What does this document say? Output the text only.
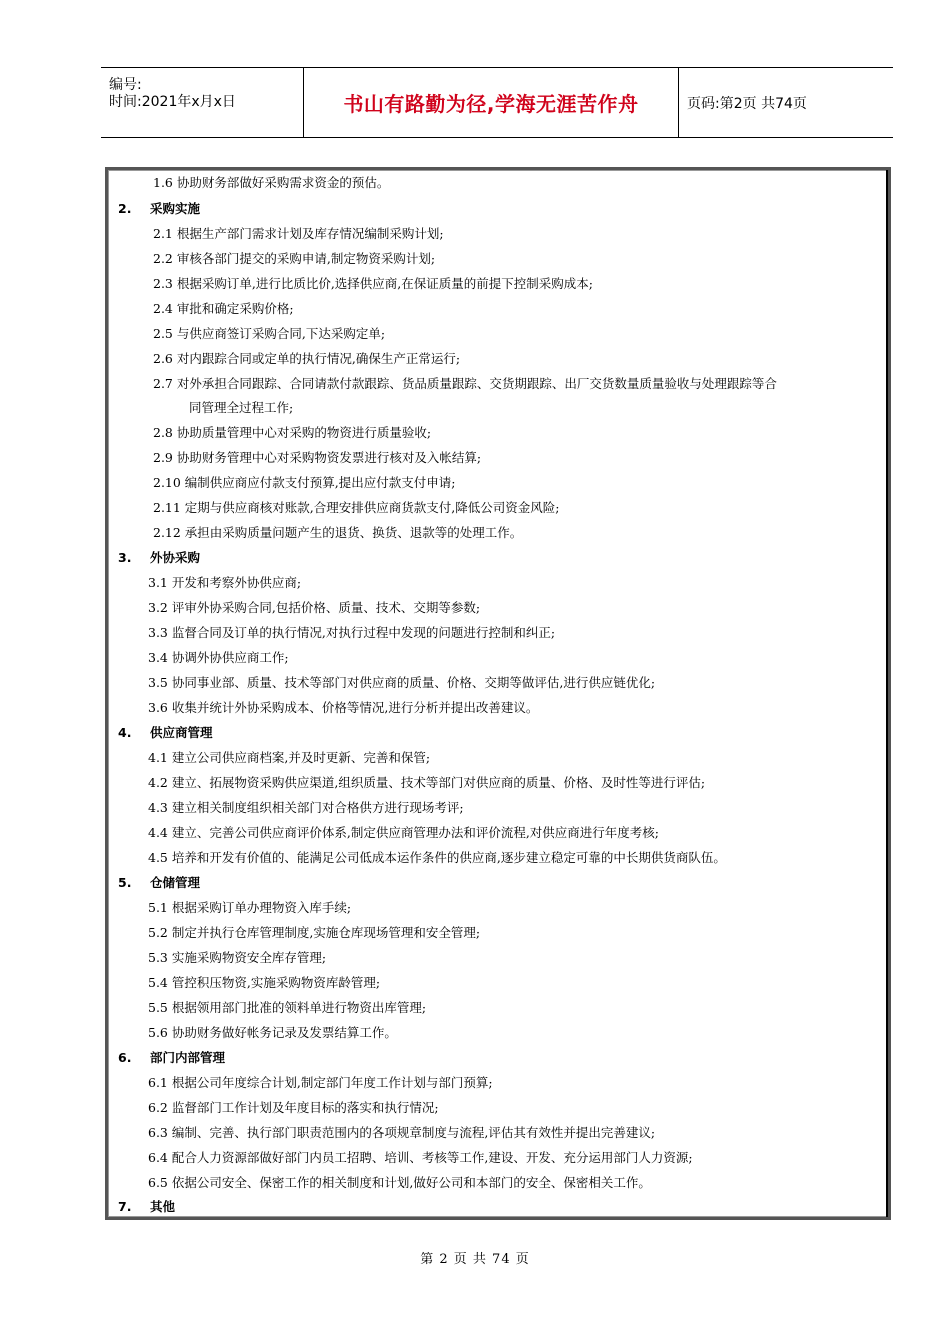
编号:
时间:2021年x月x日	书山有路勤为径,学海无涯苦作舟	页码:第2页 共74页
1.6 协助财务部做好采购需求资金的预估。
2. 采购实施
2.1 根据生产部门需求计划及库存情况编制采购计划;
2.2 审核各部门提交的采购申请,制定物资采购计划;
2.3 根据采购订单,进行比质比价,选择供应商,在保证质量的前提下控制采购成本;
2.4 审批和确定采购价格;
2.5 与供应商签订采购合同,下达采购定单;
2.6 对内跟踪合同或定单的执行情况,确保生产正常运行;
2.7 对外承担合同跟踪、合同请款付款跟踪、货品质量跟踪、交货期跟踪、出厂交货数量质量验收与处理跟踪等合
同管理全过程工作;
2.8 协助质量管理中心对采购的物资进行质量验收;
2.9 协助财务管理中心对采购物资发票进行核对及入帐结算;
2.10 编制供应商应付款支付预算,提出应付款支付申请;
2.11 定期与供应商核对账款,合理安排供应商货款支付,降低公司资金风险;
2.12 承担由采购质量问题产生的退货、换货、退款等的处理工作。
3. 外协采购
3.1 开发和考察外协供应商;
3.2 评审外协采购合同,包括价格、质量、技术、交期等参数;
3.3 监督合同及订单的执行情况,对执行过程中发现的问题进行控制和纠正;
3.4 协调外协供应商工作;
3.5 协同事业部、质量、技术等部门对供应商的质量、价格、交期等做评估,进行供应链优化;
3.6 收集并统计外协采购成本、价格等情况,进行分析并提出改善建议。
4. 供应商管理
4.1 建立公司供应商档案,并及时更新、完善和保管;
4.2 建立、拓展物资采购供应渠道,组织质量、技术等部门对供应商的质量、价格、及时性等进行评估;
4.3 建立相关制度组织相关部门对合格供方进行现场考评;
4.4 建立、完善公司供应商评价体系,制定供应商管理办法和评价流程,对供应商进行年度考核;
4.5 培养和开发有价值的、能满足公司低成本运作条件的供应商,逐步建立稳定可靠的中长期供货商队伍。
5. 仓储管理
5.1 根据采购订单办理物资入库手续;
5.2 制定并执行仓库管理制度,实施仓库现场管理和安全管理;
5.3 实施采购物资安全库存管理;
5.4 管控积压物资,实施采购物资库龄管理;
5.5 根据领用部门批准的领料单进行物资出库管理;
5.6 协助财务做好帐务记录及发票结算工作。
6. 部门内部管理
6.1 根据公司年度综合计划,制定部门年度工作计划与部门预算;
6.2 监督部门工作计划及年度目标的落实和执行情况;
6.3 编制、完善、执行部门职责范围内的各项规章制度与流程,评估其有效性并提出完善建议;
6.4 配合人力资源部做好部门内员工招聘、培训、考核等工作,建设、开发、充分运用部门人力资源;
6.5 依据公司安全、保密工作的相关制度和计划,做好公司和本部门的安全、保密相关工作。
7. 其他
第 2 页 共 74 页
